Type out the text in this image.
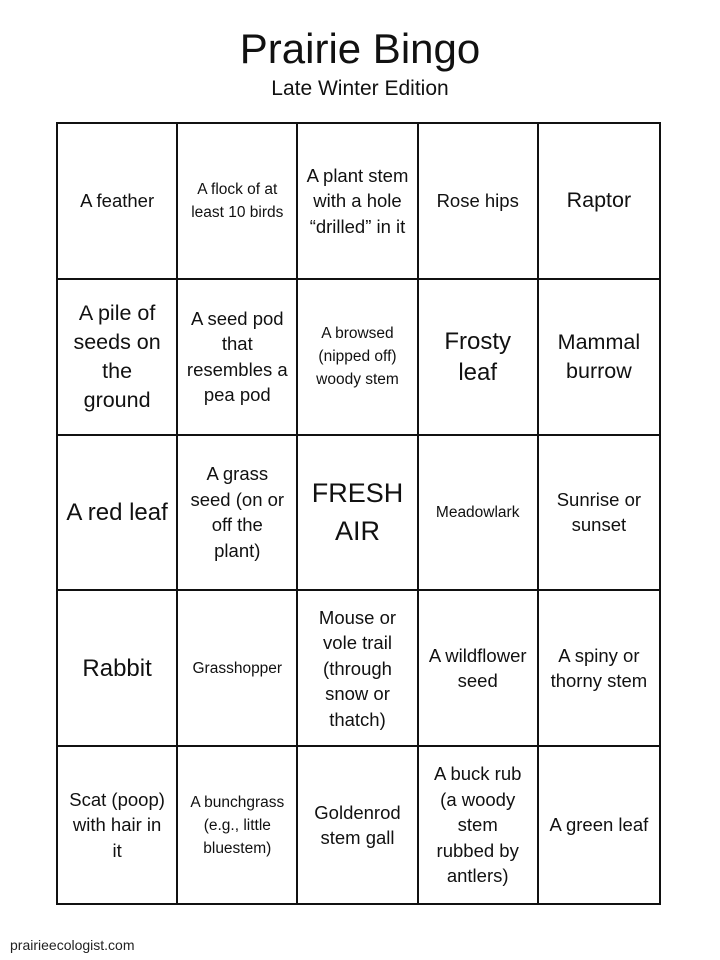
Prairie Bingo
Late Winter Edition
A feather
A flock of at least 10 birds
A plant stem with a hole “drilled” in it
Rose hips Raptor
A pile of seeds on the ground
A seed pod that resembles a pea pod
A browsed (nipped off) woody stem
Frosty leaf
Mammal burrow
A red leaf
A grass seed (on or off the plant)
FRESH AIR
Meadowlark
Sunrise or sunset
Rabbit	Grasshopper
Mouse or vole trail (through snow or thatch)
A wildflower seed
A spiny or thorny stem
Scat (poop) with hair in it
A bunchgrass (e.g., little bluestem)
Goldenrod stem gall
A buck rub (a woody stem rubbed by antlers)
A green leaf
prairieecologist.com
